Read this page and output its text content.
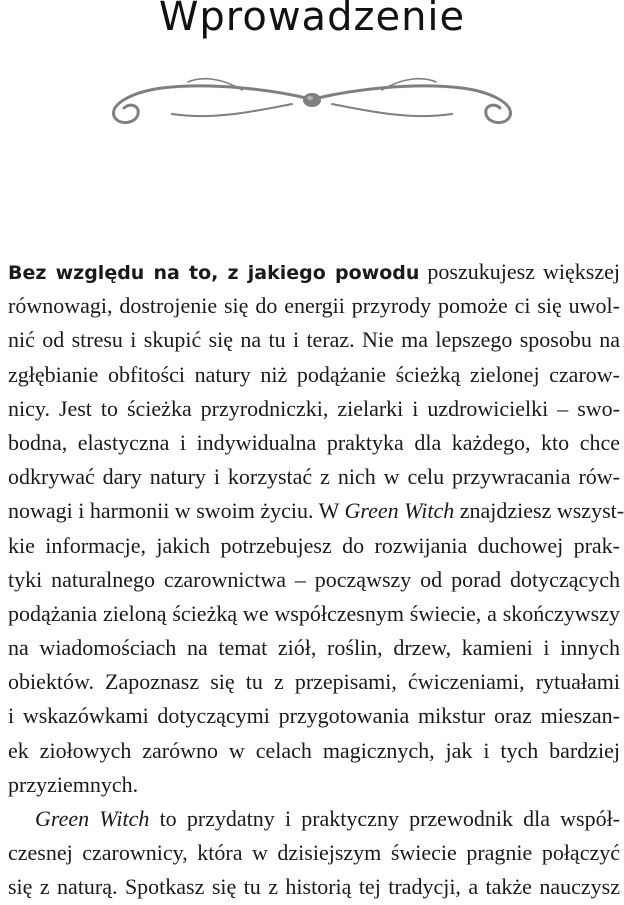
Wprowadzenie
Bez względu na to, z jakiego powodu poszukujesz większej
równowagi, dostrojenie się do energii przyrody pomoże ci się uwol-
nić od stresu i skupić się na tu i teraz. Nie ma lepszego sposobu na
zgłębianie obfitości natury niż podążanie ścieżką zielonej czarow-
nicy. Jest to ścieżka przyrodniczki, zielarki i uzdrowicielki – swo-
bodna, elastyczna i indywidualna praktyka dla każdego, kto chce
odkrywać dary natury i korzystać z nich w celu przywracania rów-
nowagi i harmonii w swoim życiu. W Green Witch znajdziesz wszyst-
kie informacje, jakich potrzebujesz do rozwijania duchowej prak-
tyki naturalnego czarownictwa – począwszy od porad dotyczących
podążania zieloną ścieżką we współczesnym świecie, a skończywszy
na wiadomościach na temat ziół, roślin, drzew, kamieni i innych
obiektów. Zapoznasz się tu z przepisami, ćwiczeniami, rytuałami
i wskazówkami dotyczącymi przygotowania mikstur oraz mieszan-
ek ziołowych zarówno w celach magicznych, jak i tych bardziej
przyziemnych.
Green Witch to przydatny i praktyczny przewodnik dla współ-
czesnej czarownicy, która w dzisiejszym świecie pragnie połączyć
się z naturą. Spotkasz się tu z historią tej tradycji, a także nauczysz
